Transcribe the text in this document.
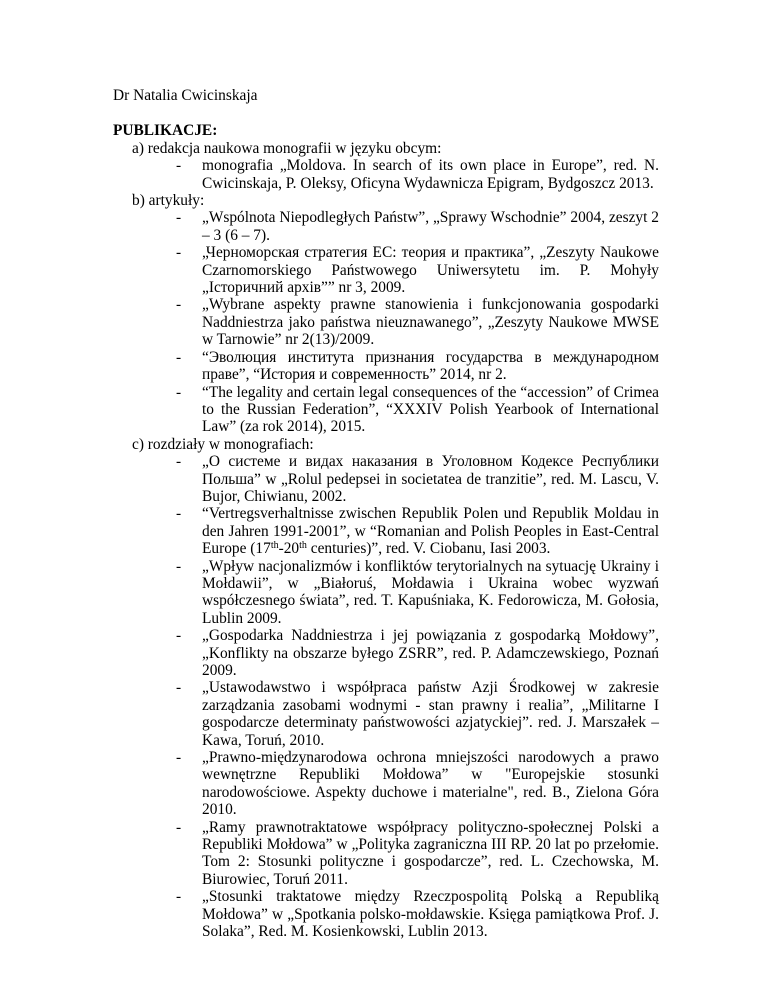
Dr Natalia Cwicinskaja

PUBLIKACJE:

a) redakcja naukowa monografii w języku obcym:

- monografia „Moldova. In search of its own place in Europe”, red. N. Cwicinskaja, P. Oleksy, Oficyna Wydawnicza Epigram, Bydgoszcz 2013.

b) artykuły:

- „Wspólnota Niepodległych Państw”, „Sprawy Wschodnie” 2004, zeszyt 2 – 3 (6 – 7).
- „Черноморская стратегия ЕС: теория и практика”, „Zeszyty Naukowe Czarnomorskiego Państwowego Uniwersytetu im. P. Mohyły „Історичний архів”” nr 3, 2009.
- „Wybrane aspekty prawne stanowienia i funkcjonowania gospodarki Naddniestrza jako państwa nieuznawanego”, „Zeszyty Naukowe MWSE w Tarnowie” nr 2(13)/2009.
- “Эволюция института признания государства в международном праве”, “История и современность” 2014, nr 2.
- “The legality and certain legal consequences of the “accession” of Crimea to the Russian Federation”, “XXXIV Polish Yearbook of International Law” (za rok 2014), 2015.

c) rozdziały w monografiach:

- „О системе и видах наказания в Уголовном Кодексе Республики Польша” w „Rolul pedepsei in societatea de tranzitie”, red. M. Lascu, V. Bujor, Chiwianu, 2002.
- “Vertregsverhaltnisse zwischen Republik Polen und Republik Moldau in den Jahren 1991-2001”, w “Romanian and Polish Peoples in East-Central Europe (17th-20th centuries)”, red. V. Ciobanu, Iasi 2003.
- „Wpływ nacjonalizmów i konfliktów terytorialnych na sytuację Ukrainy i Mołdawii”, w „Białoruś, Mołdawia i Ukraina wobec wyzwań współczesnego świata”, red. T. Kapuśniaka, K. Fedorowicza, M. Gołosia, Lublin 2009.
- „Gospodarka Naddniestrza i jej powiązania z gospodarką Mołdowy”, „Konflikty na obszarze byłego ZSRR”, red. P. Adamczewskiego, Poznań 2009.
- „Ustawodawstwo i współpraca państw Azji Środkowej w zakresie zarządzania zasobami wodnymi - stan prawny i realia”, „Militarne I gospodarcze determinaty państwowości azjatyckiej”. red. J. Marszałek – Kawa, Toruń, 2010.
- „Prawno-międzynarodowa ochrona mniejszości narodowych a prawo wewnętrzne Republiki Mołdowa” w "Europejskie stosunki narodowościowe. Aspekty duchowe i materialne", red. B., Zielona Góra 2010.
- „Ramy prawnotraktatowe współpracy polityczno-społecznej Polski a Republiki Mołdowa” w „Polityka zagraniczna III RP. 20 lat po przełomie. Tom 2: Stosunki polityczne i gospodarcze”, red. L. Czechowska, M. Biurowiec, Toruń 2011.
- „Stosunki traktatowe między Rzeczpospolitą Polską a Republiką Mołdowa” w „Spotkania polsko-mołdawskie. Księga pamiątkowa Prof. J. Solaka”, Red. M. Kosienkowski, Lublin 2013.
